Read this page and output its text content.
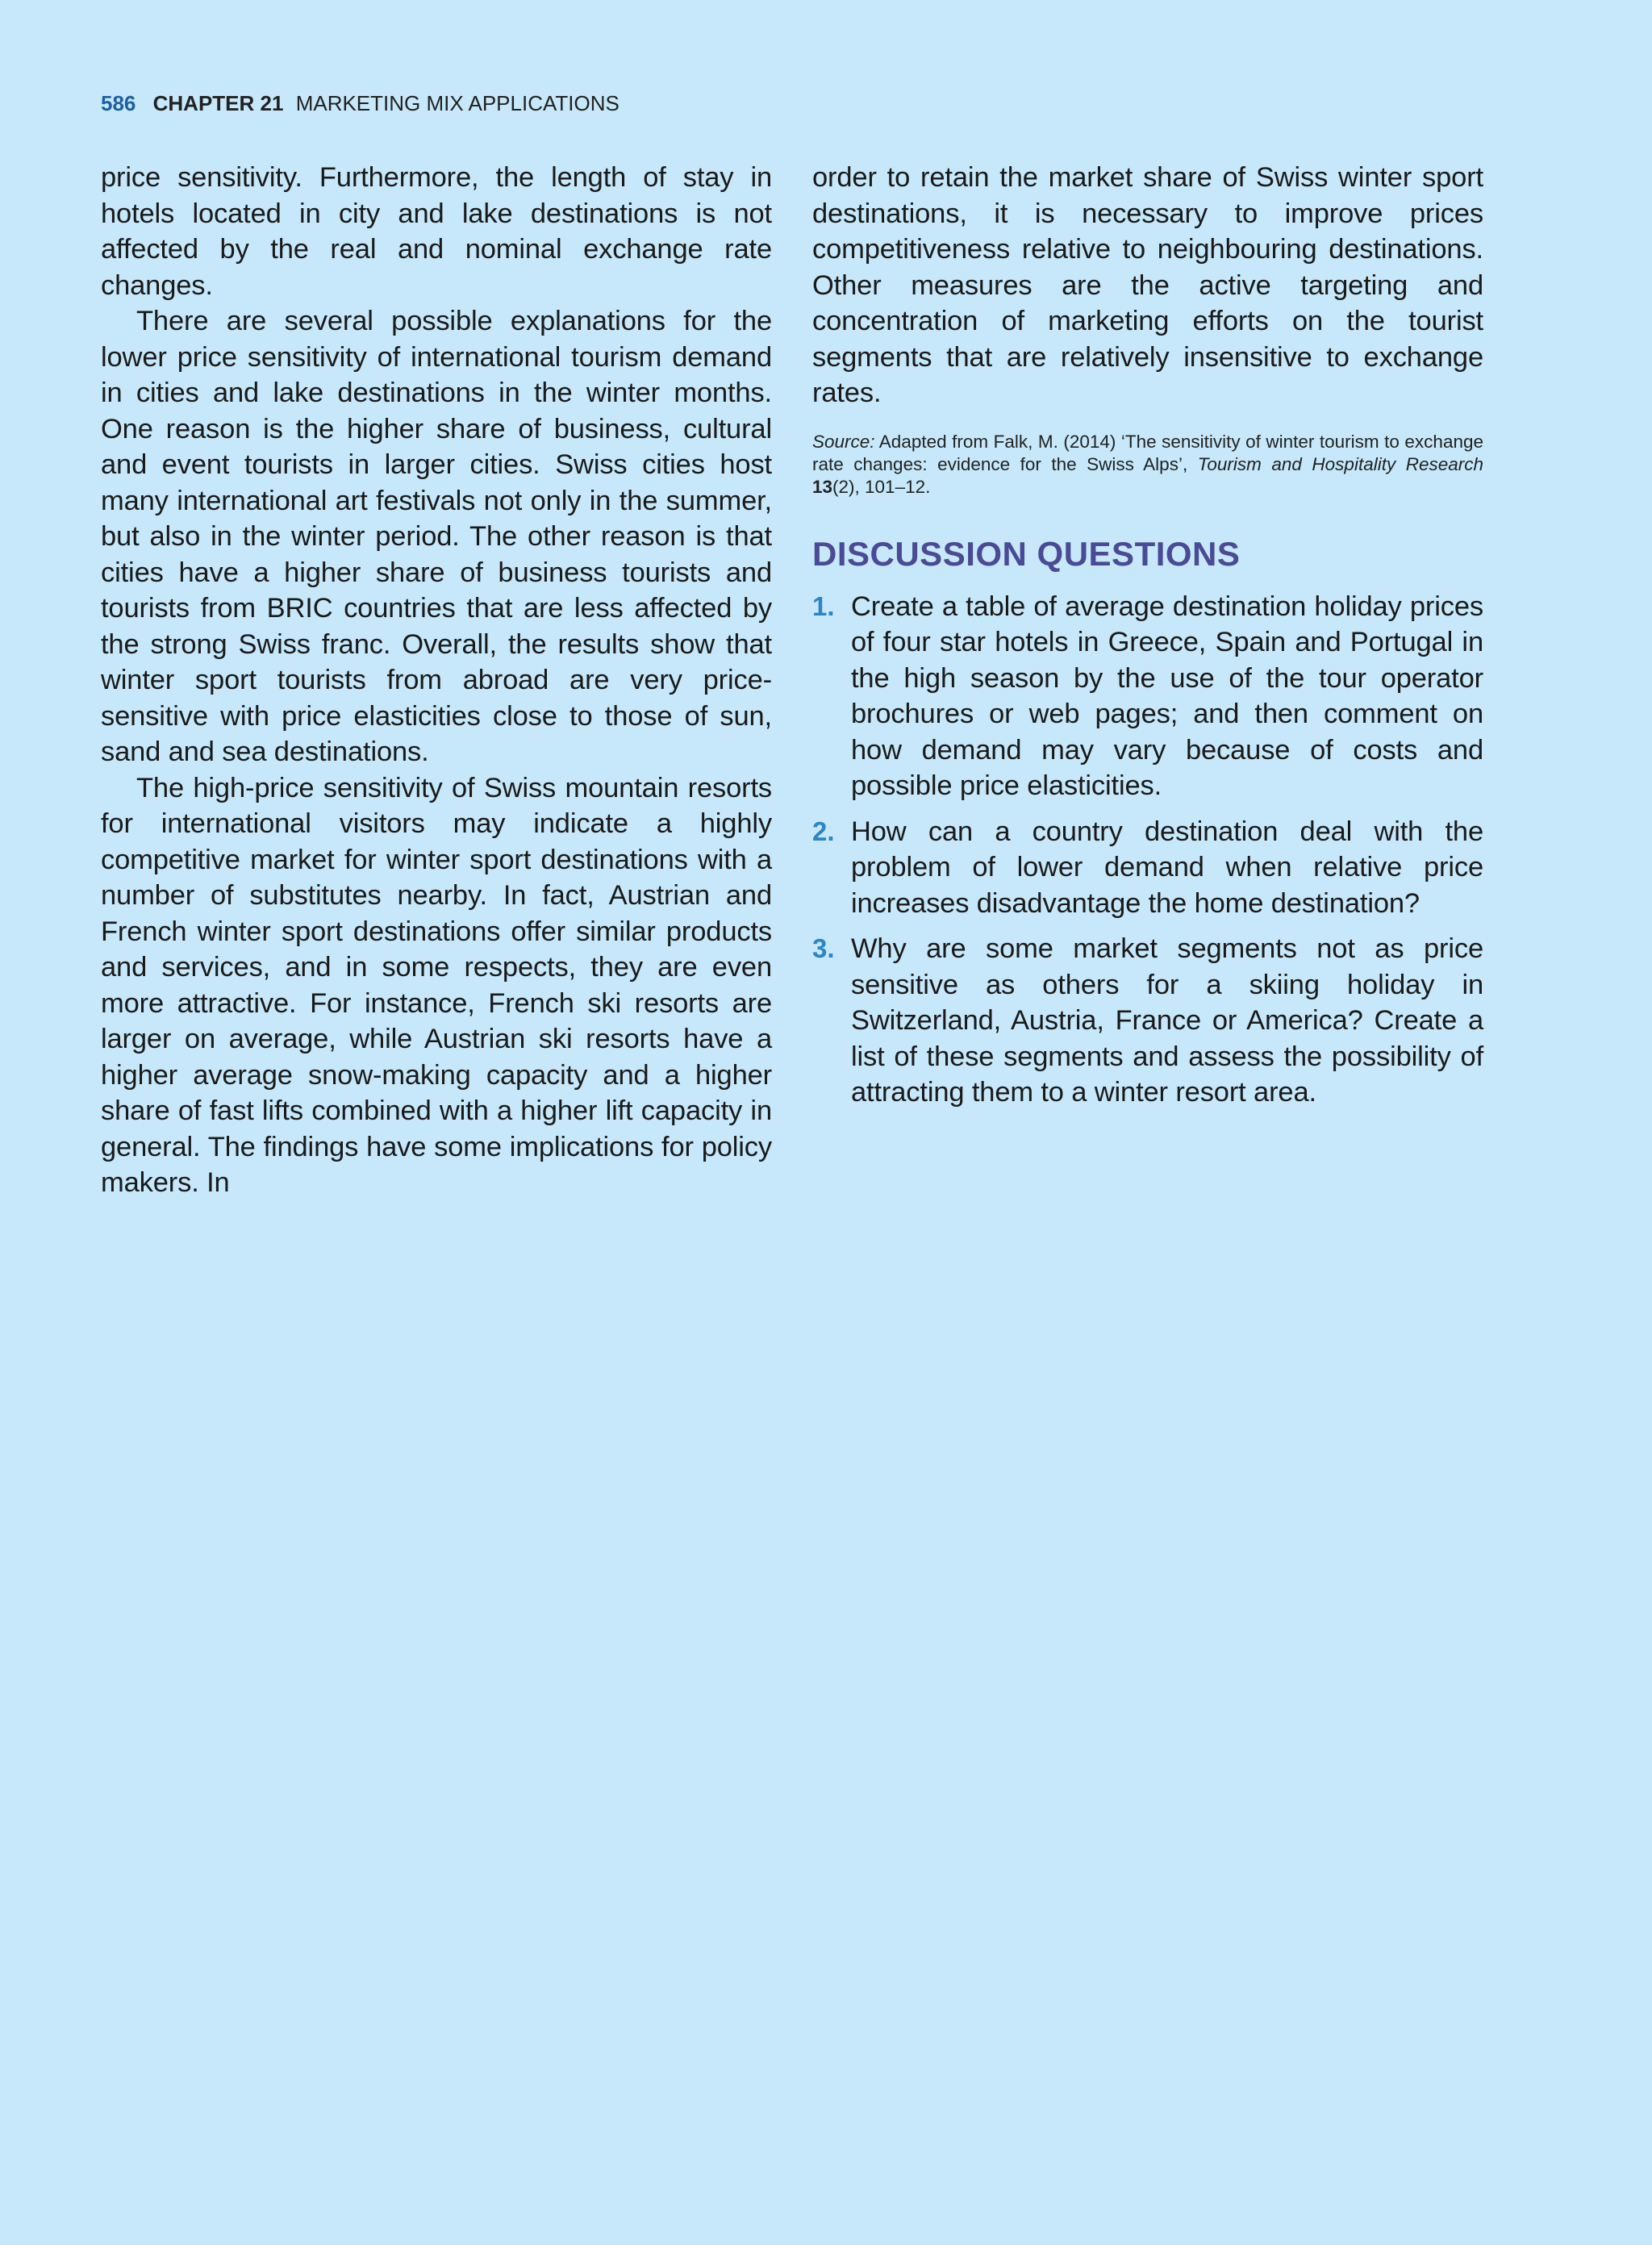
586 CHAPTER 21 MARKETING MIX APPLICATIONS

price sensitivity. Furthermore, the length of stay in hotels located in city and lake destinations is not affected by the real and nominal exchange rate changes.

There are several possible explanations for the lower price sensitivity of international tourism demand in cities and lake destinations in the winter months. One reason is the higher share of business, cultural and event tourists in larger cities. Swiss cities host many international art festivals not only in the summer, but also in the winter period. The other reason is that cities have a higher share of business tourists and tourists from BRIC countries that are less affected by the strong Swiss franc. Overall, the results show that winter sport tourists from abroad are very price-sensitive with price elasticities close to those of sun, sand and sea destinations.

The high-price sensitivity of Swiss mountain resorts for international visitors may indicate a highly competitive market for winter sport destinations with a number of substitutes nearby. In fact, Austrian and French winter sport destinations offer similar products and services, and in some respects, they are even more attractive. For instance, French ski resorts are larger on average, while Austrian ski resorts have a higher average snow-making capacity and a higher share of fast lifts combined with a higher lift capacity in general. The findings have some implications for policy makers. In

order to retain the market share of Swiss winter sport destinations, it is necessary to improve prices competitiveness relative to neighbouring destinations. Other measures are the active targeting and concentration of marketing efforts on the tourist segments that are relatively insensitive to exchange rates.

Source: Adapted from Falk, M. (2014) ‘The sensitivity of winter tourism to exchange rate changes: evidence for the Swiss Alps’, Tourism and Hospitality Research 13(2), 101–12.

DISCUSSION QUESTIONS
1. Create a table of average destination holiday prices of four star hotels in Greece, Spain and Portugal in the high season by the use of the tour operator brochures or web pages; and then comment on how demand may vary because of costs and possible price elasticities.
2. How can a country destination deal with the problem of lower demand when relative price increases disadvantage the home destination?
3. Why are some market segments not as price sensitive as others for a skiing holiday in Switzerland, Austria, France or America? Create a list of these segments and assess the possibility of attracting them to a winter resort area.
